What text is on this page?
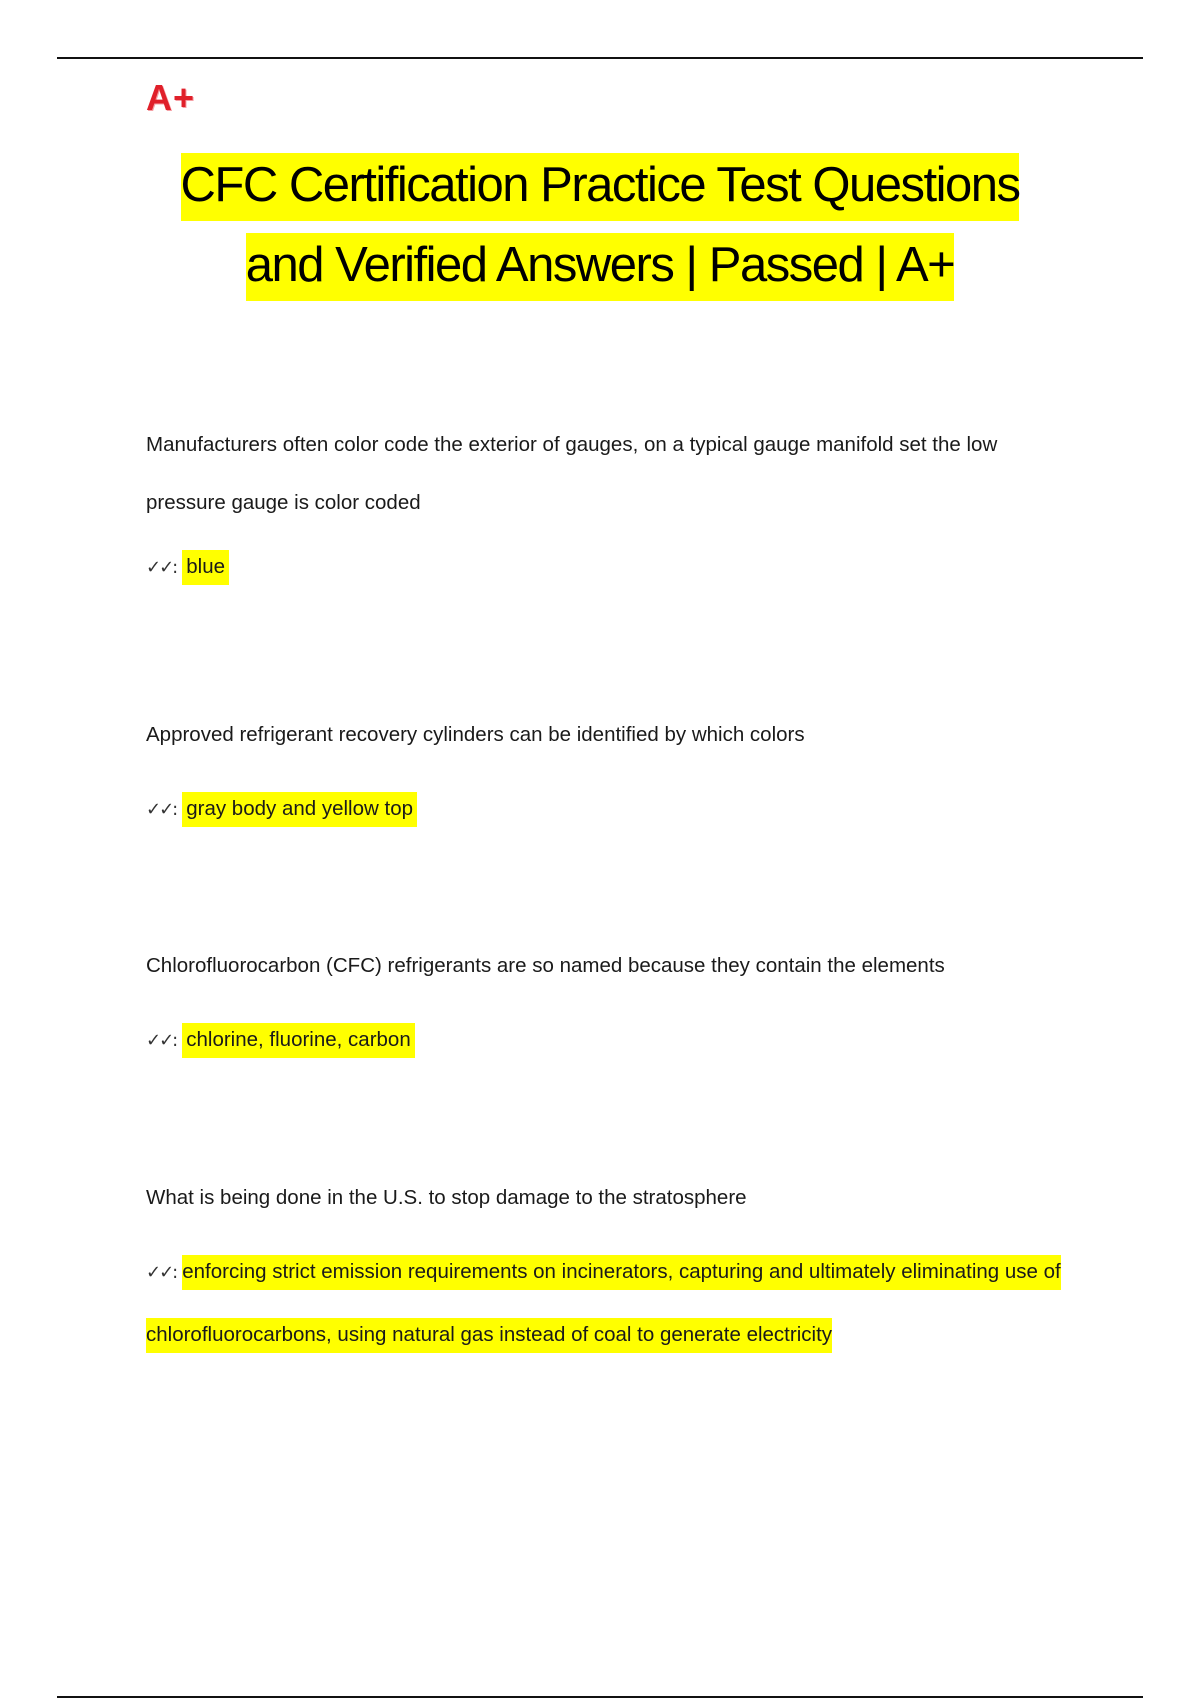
A+
CFC Certification Practice Test Questions
and Verified Answers | Passed | A+

Manufacturers often color code the exterior of gauges, on a typical gauge manifold set the low pressure gauge is color coded

✓✓: blue

Approved refrigerant recovery cylinders can be identified by which colors

✓✓: gray body and yellow top

Chlorofluorocarbon (CFC) refrigerants are so named because they contain the elements

✓✓: chlorine, fluorine, carbon

What is being done in the U.S. to stop damage to the stratosphere

✓✓: enforcing strict emission requirements on incinerators, capturing and ultimately eliminating use of chlorofluorocarbons, using natural gas instead of coal to generate electricity
